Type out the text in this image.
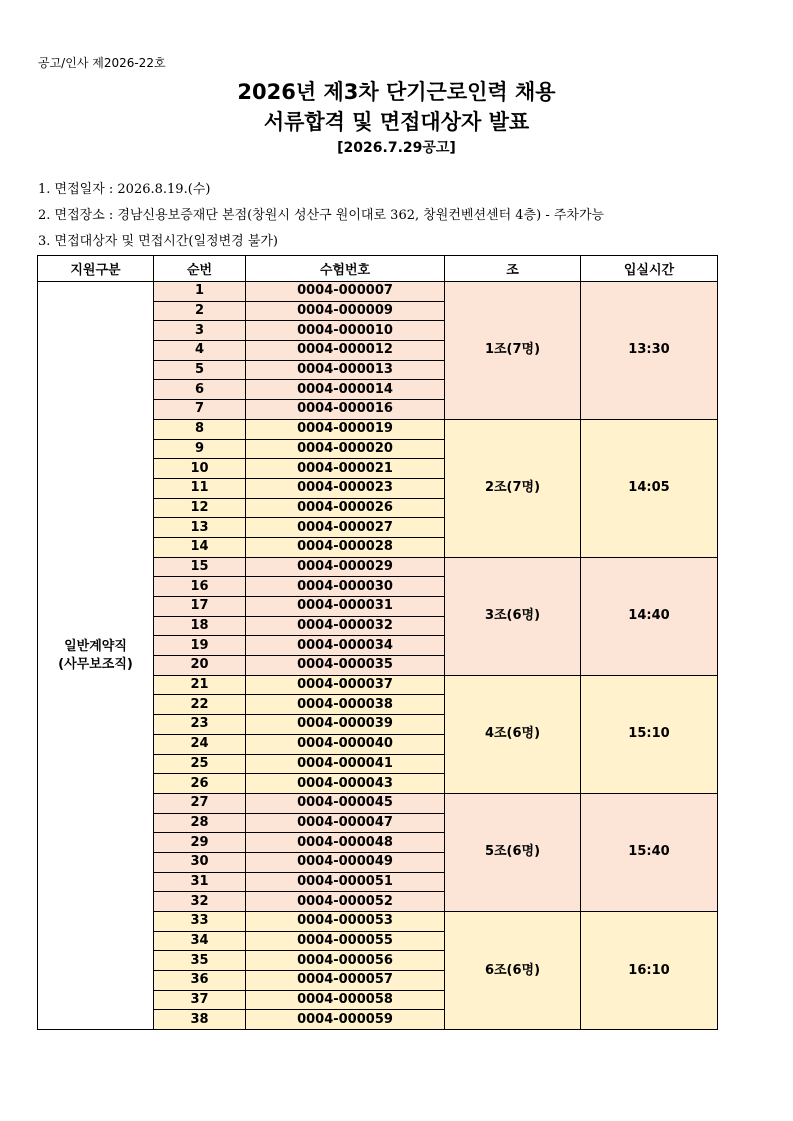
공고/인사 제2026-22호
2026년 제3차 단기근로인력 채용
서류합격 및 면접대상자 발표
[2026.7.29공고]
1. 면접일자 : 2026.8.19.(수)
2. 면접장소 : 경남신용보증재단 본점(창원시 성산구 원이대로 362, 창원컨벤션센터 4층) - 주차가능
3. 면접대상자 및 면접시간(일정변경 불가)
지원구분	순번	수험번호	조	입실시간

일반계약직
(사무보조직)	1	0004-000007	1조(7명)	13:30
	2	0004-000009		
	3	0004-000010		
	4	0004-000012		
	5	0004-000013		
	6	0004-000014		
	7	0004-000016		
	8	0004-000019	2조(7명)	14:05
	9	0004-000020		
	10	0004-000021		
	11	0004-000023		
	12	0004-000026		
	13	0004-000027		
	14	0004-000028		
	15	0004-000029	3조(6명)	14:40
	16	0004-000030		
	17	0004-000031		
	18	0004-000032		
	19	0004-000034		
	20	0004-000035		
	21	0004-000037	4조(6명)	15:10
	22	0004-000038		
	23	0004-000039		
	24	0004-000040		
	25	0004-000041		
	26	0004-000043		
	27	0004-000045	5조(6명)	15:40
	28	0004-000047		
	29	0004-000048		
	30	0004-000049		
	31	0004-000051		
	32	0004-000052		
	33	0004-000053	6조(6명)	16:10
	34	0004-000055		
	35	0004-000056		
	36	0004-000057		
	37	0004-000058		
	38	0004-000059		
